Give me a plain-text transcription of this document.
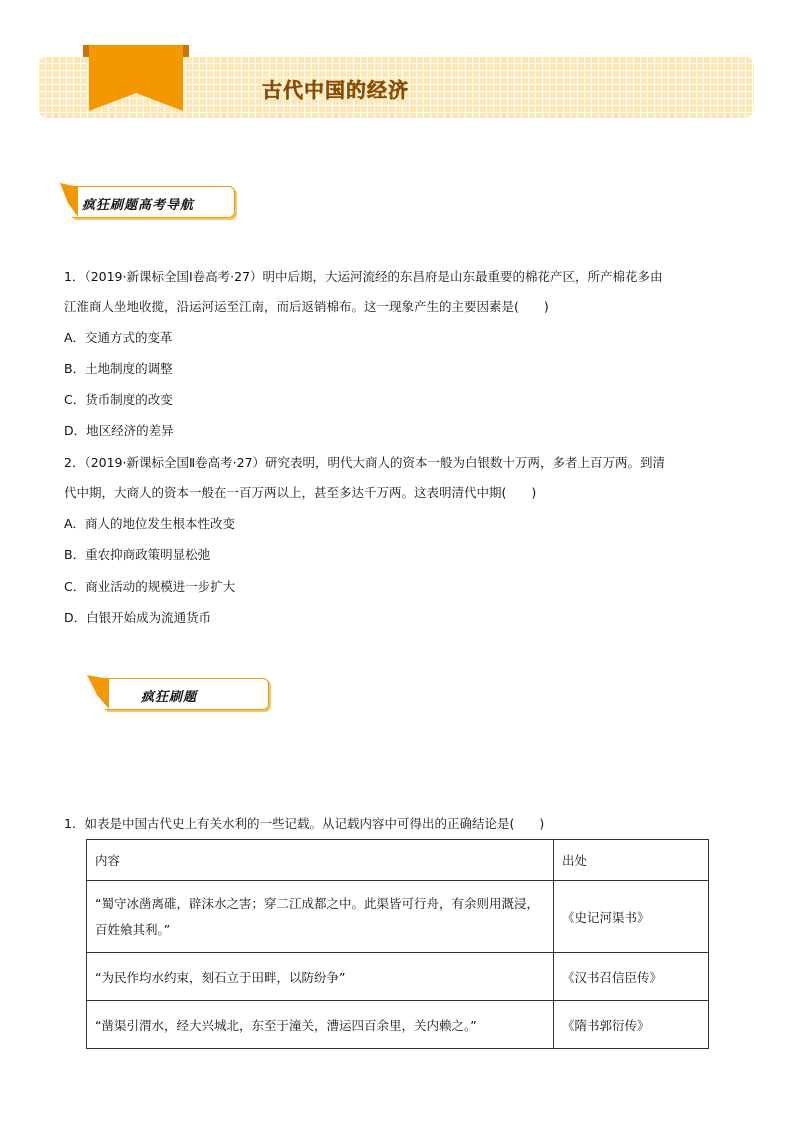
古代中国的经济
疯狂刷题高考导航
1．（2019·新课标全国Ⅰ卷高考·27）明中后期，大运河流经的东昌府是山东最重要的棉花产区，所产棉花多由
江淮商人坐地收揽，沿运河运至江南，而后返销棉布。这一现象产生的主要因素是(　　)
A．交通方式的变革
B．土地制度的调整
C．货币制度的改变
D．地区经济的差异
2．（2019·新课标全国Ⅱ卷高考·27）研究表明，明代大商人的资本一般为白银数十万两，多者上百万两。到清
代中期，大商人的资本一般在一百万两以上，甚至多达千万两。这表明清代中期(　　)
A．商人的地位发生根本性改变
B．重农抑商政策明显松弛
C．商业活动的规模进一步扩大
D．白银开始成为流通货币
疯狂刷题
1．如表是中国古代史上有关水利的一些记载。从记载内容中可得出的正确结论是(　　)
内容	出处
“蜀守冰凿离碓，辟沫水之害；穿二江成都之中。此渠皆可行舟，有余则用溉浸，百姓飨其利。”	《史记河渠书》
“为民作均水约束，刻石立于田畔，以防纷争”	《汉书召信臣传》
“凿渠引渭水，经大兴城北，东至于潼关，漕运四百余里，关内赖之。”	《隋书郭衍传》
